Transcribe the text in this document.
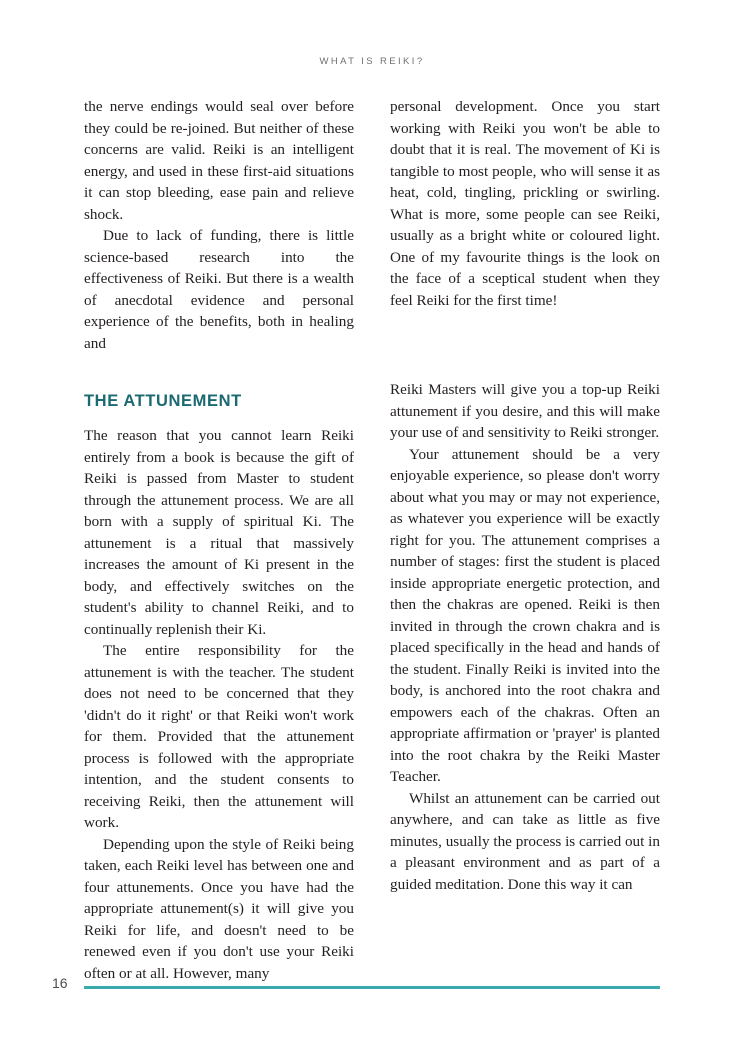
WHAT IS REIKI?

the nerve endings would seal over before they could be re-joined. But neither of these concerns are valid. Reiki is an intelligent energy, and used in these first-aid situations it can stop bleeding, ease pain and relieve shock.

Due to lack of funding, there is little science-based research into the effectiveness of Reiki. But there is a wealth of anecdotal evidence and personal experience of the benefits, both in healing and

THE ATTUNEMENT

The reason that you cannot learn Reiki entirely from a book is because the gift of Reiki is passed from Master to student through the attunement process. We are all born with a supply of spiritual Ki. The attunement is a ritual that massively increases the amount of Ki present in the body, and effectively switches on the student's ability to channel Reiki, and to continually replenish their Ki.

The entire responsibility for the attunement is with the teacher. The student does not need to be concerned that they 'didn't do it right' or that Reiki won't work for them. Provided that the attunement process is followed with the appropriate intention, and the student consents to receiving Reiki, then the attunement will work.

Depending upon the style of Reiki being taken, each Reiki level has between one and four attunements. Once you have had the appropriate attunement(s) it will give you Reiki for life, and doesn't need to be renewed even if you don't use your Reiki often or at all. However, many

personal development. Once you start working with Reiki you won't be able to doubt that it is real. The movement of Ki is tangible to most people, who will sense it as heat, cold, tingling, prickling or swirling. What is more, some people can see Reiki, usually as a bright white or coloured light. One of my favourite things is the look on the face of a sceptical student when they feel Reiki for the first time!

Reiki Masters will give you a top-up Reiki attunement if you desire, and this will make your use of and sensitivity to Reiki stronger.

Your attunement should be a very enjoyable experience, so please don't worry about what you may or may not experience, as whatever you experience will be exactly right for you. The attunement comprises a number of stages: first the student is placed inside appropriate energetic protection, and then the chakras are opened. Reiki is then invited in through the crown chakra and is placed specifically in the head and hands of the student. Finally Reiki is invited into the body, is anchored into the root chakra and empowers each of the chakras. Often an appropriate affirmation or 'prayer' is planted into the root chakra by the Reiki Master Teacher.

Whilst an attunement can be carried out anywhere, and can take as little as five minutes, usually the process is carried out in a pleasant environment and as part of a guided meditation. Done this way it can

16
